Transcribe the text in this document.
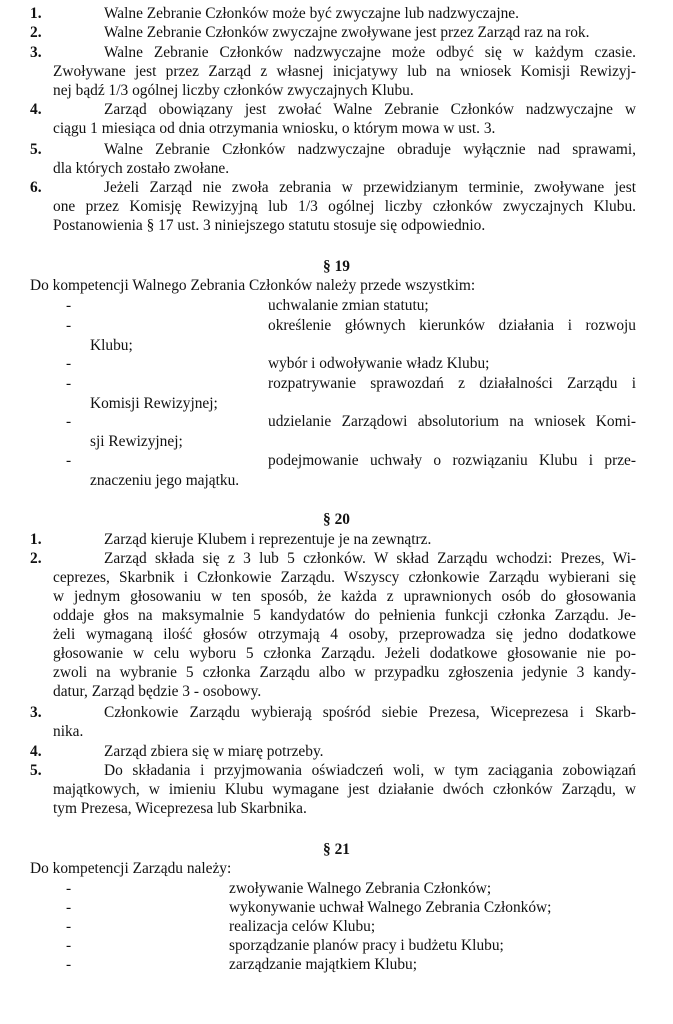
1.	Walne Zebranie Członków może być zwyczajne lub nadzwyczajne.
2.	Walne Zebranie Członków zwyczajne zwoływane jest przez Zarząd raz na rok.
3.	Walne Zebranie Członków nadzwyczajne może odbyć się w każdym czasie.
Zwoływane jest przez Zarząd z własnej inicjatywy lub na wniosek Komisji Rewizyj-
nej bądź 1/3 ogólnej liczby członków zwyczajnych Klubu.
4.	Zarząd obowiązany jest zwołać Walne Zebranie Członków nadzwyczajne w
ciągu 1 miesiąca od dnia otrzymania wniosku, o którym mowa w ust. 3.
5.	Walne Zebranie Członków nadzwyczajne obraduje wyłącznie nad sprawami,
dla których zostało zwołane.
6.	Jeżeli Zarząd nie zwoła zebrania w przewidzianym terminie, zwoływane jest
one przez Komisję Rewizyjną lub 1/3 ogólnej liczby członków zwyczajnych Klubu.
Postanowienia § 17 ust. 3 niniejszego statutu stosuje się odpowiednio.
§ 19
Do kompetencji Walnego Zebrania Członków należy przede wszystkim:
-	uchwalanie zmian statutu;
-	określenie głównych kierunków działania i rozwoju
Klubu;
-	wybór i odwoływanie władz Klubu;
-	rozpatrywanie sprawozdań z działalności Zarządu i
Komisji Rewizyjnej;
-	udzielanie Zarządowi absolutorium na wniosek Komi-
sji Rewizyjnej;
-	podejmowanie uchwały o rozwiązaniu Klubu i prze-
znaczeniu jego majątku.
§ 20
1.	Zarząd kieruje Klubem i reprezentuje je na zewnątrz.
2.	Zarząd składa się z 3 lub 5 członków. W skład Zarządu wchodzi: Prezes, Wi-
ceprezes, Skarbnik i Członkowie Zarządu. Wszyscy członkowie Zarządu wybierani się
w jednym głosowaniu w ten sposób, że każda z uprawnionych osób do głosowania
oddaje głos na maksymalnie 5 kandydatów do pełnienia funkcji członka Zarządu. Je-
żeli wymaganą ilość głosów otrzymają 4 osoby, przeprowadza się jedno dodatkowe
głosowanie w celu wyboru 5 członka Zarządu. Jeżeli dodatkowe głosowanie nie po-
zwoli na wybranie 5 członka Zarządu albo w przypadku zgłoszenia jedynie 3 kandy-
datur, Zarząd będzie 3 - osobowy.
3.	Członkowie Zarządu wybierają spośród siebie Prezesa, Wiceprezesa i Skarb-
nika.
4.	Zarząd zbiera się w miarę potrzeby.
5.	Do składania i przyjmowania oświadczeń woli, w tym zaciągania zobowiązań
majątkowych, w imieniu Klubu wymagane jest działanie dwóch członków Zarządu, w
tym Prezesa, Wiceprezesa lub Skarbnika.
§ 21
Do kompetencji Zarządu należy:
-	zwoływanie Walnego Zebrania Członków;
-	wykonywanie uchwał Walnego Zebrania Członków;
-	realizacja celów Klubu;
-	sporządzanie planów pracy i budżetu Klubu;
-	zarządzanie majątkiem Klubu;
